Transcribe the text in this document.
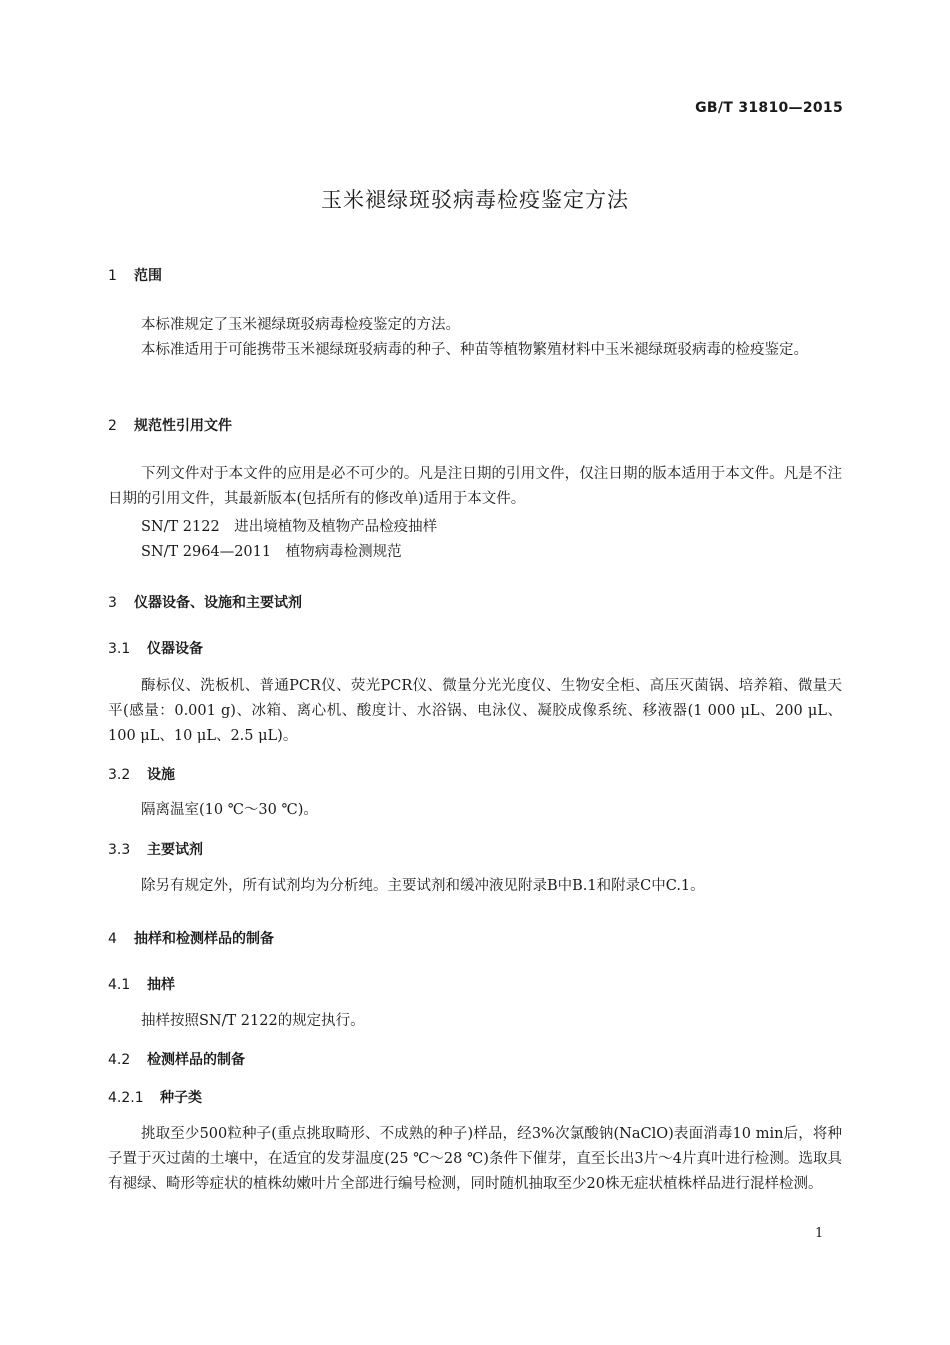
GB/T 31810—2015
玉米褪绿斑驳病毒检疫鉴定方法
1 范围
本标准规定了玉米褪绿斑驳病毒检疫鉴定的方法。
本标准适用于可能携带玉米褪绿斑驳病毒的种子、种苗等植物繁殖材料中玉米褪绿斑驳病毒的检疫鉴定。
2 规范性引用文件
下列文件对于本文件的应用是必不可少的。凡是注日期的引用文件，仅注日期的版本适用于本文件。凡是不注日期的引用文件，其最新版本(包括所有的修改单)适用于本文件。
SN/T 2122　进出境植物及植物产品检疫抽样
SN/T 2964—2011　植物病毒检测规范
3 仪器设备、设施和主要试剂
3.1 仪器设备
酶标仪、洗板机、普通PCR仪、荧光PCR仪、微量分光光度仪、生物安全柜、高压灭菌锅、培养箱、微量天平(感量：0.001 g)、冰箱、离心机、酸度计、水浴锅、电泳仪、凝胶成像系统、移液器(1 000 μL、200 μL、100 μL、10 μL、2.5 μL)。
3.2 设施
隔离温室(10 ℃～30 ℃)。
3.3 主要试剂
除另有规定外，所有试剂均为分析纯。主要试剂和缓冲液见附录B中B.1和附录C中C.1。
4 抽样和检测样品的制备
4.1 抽样
抽样按照SN/T 2122的规定执行。
4.2 检测样品的制备
4.2.1 种子类
挑取至少500粒种子(重点挑取畸形、不成熟的种子)样品，经3%次氯酸钠(NaClO)表面消毒10 min后，将种子置于灭过菌的土壤中，在适宜的发芽温度(25 ℃～28 ℃)条件下催芽，直至长出3片～4片真叶进行检测。选取具有褪绿、畸形等症状的植株幼嫩叶片全部进行编号检测，同时随机抽取至少20株无症状植株样品进行混样检测。
1
